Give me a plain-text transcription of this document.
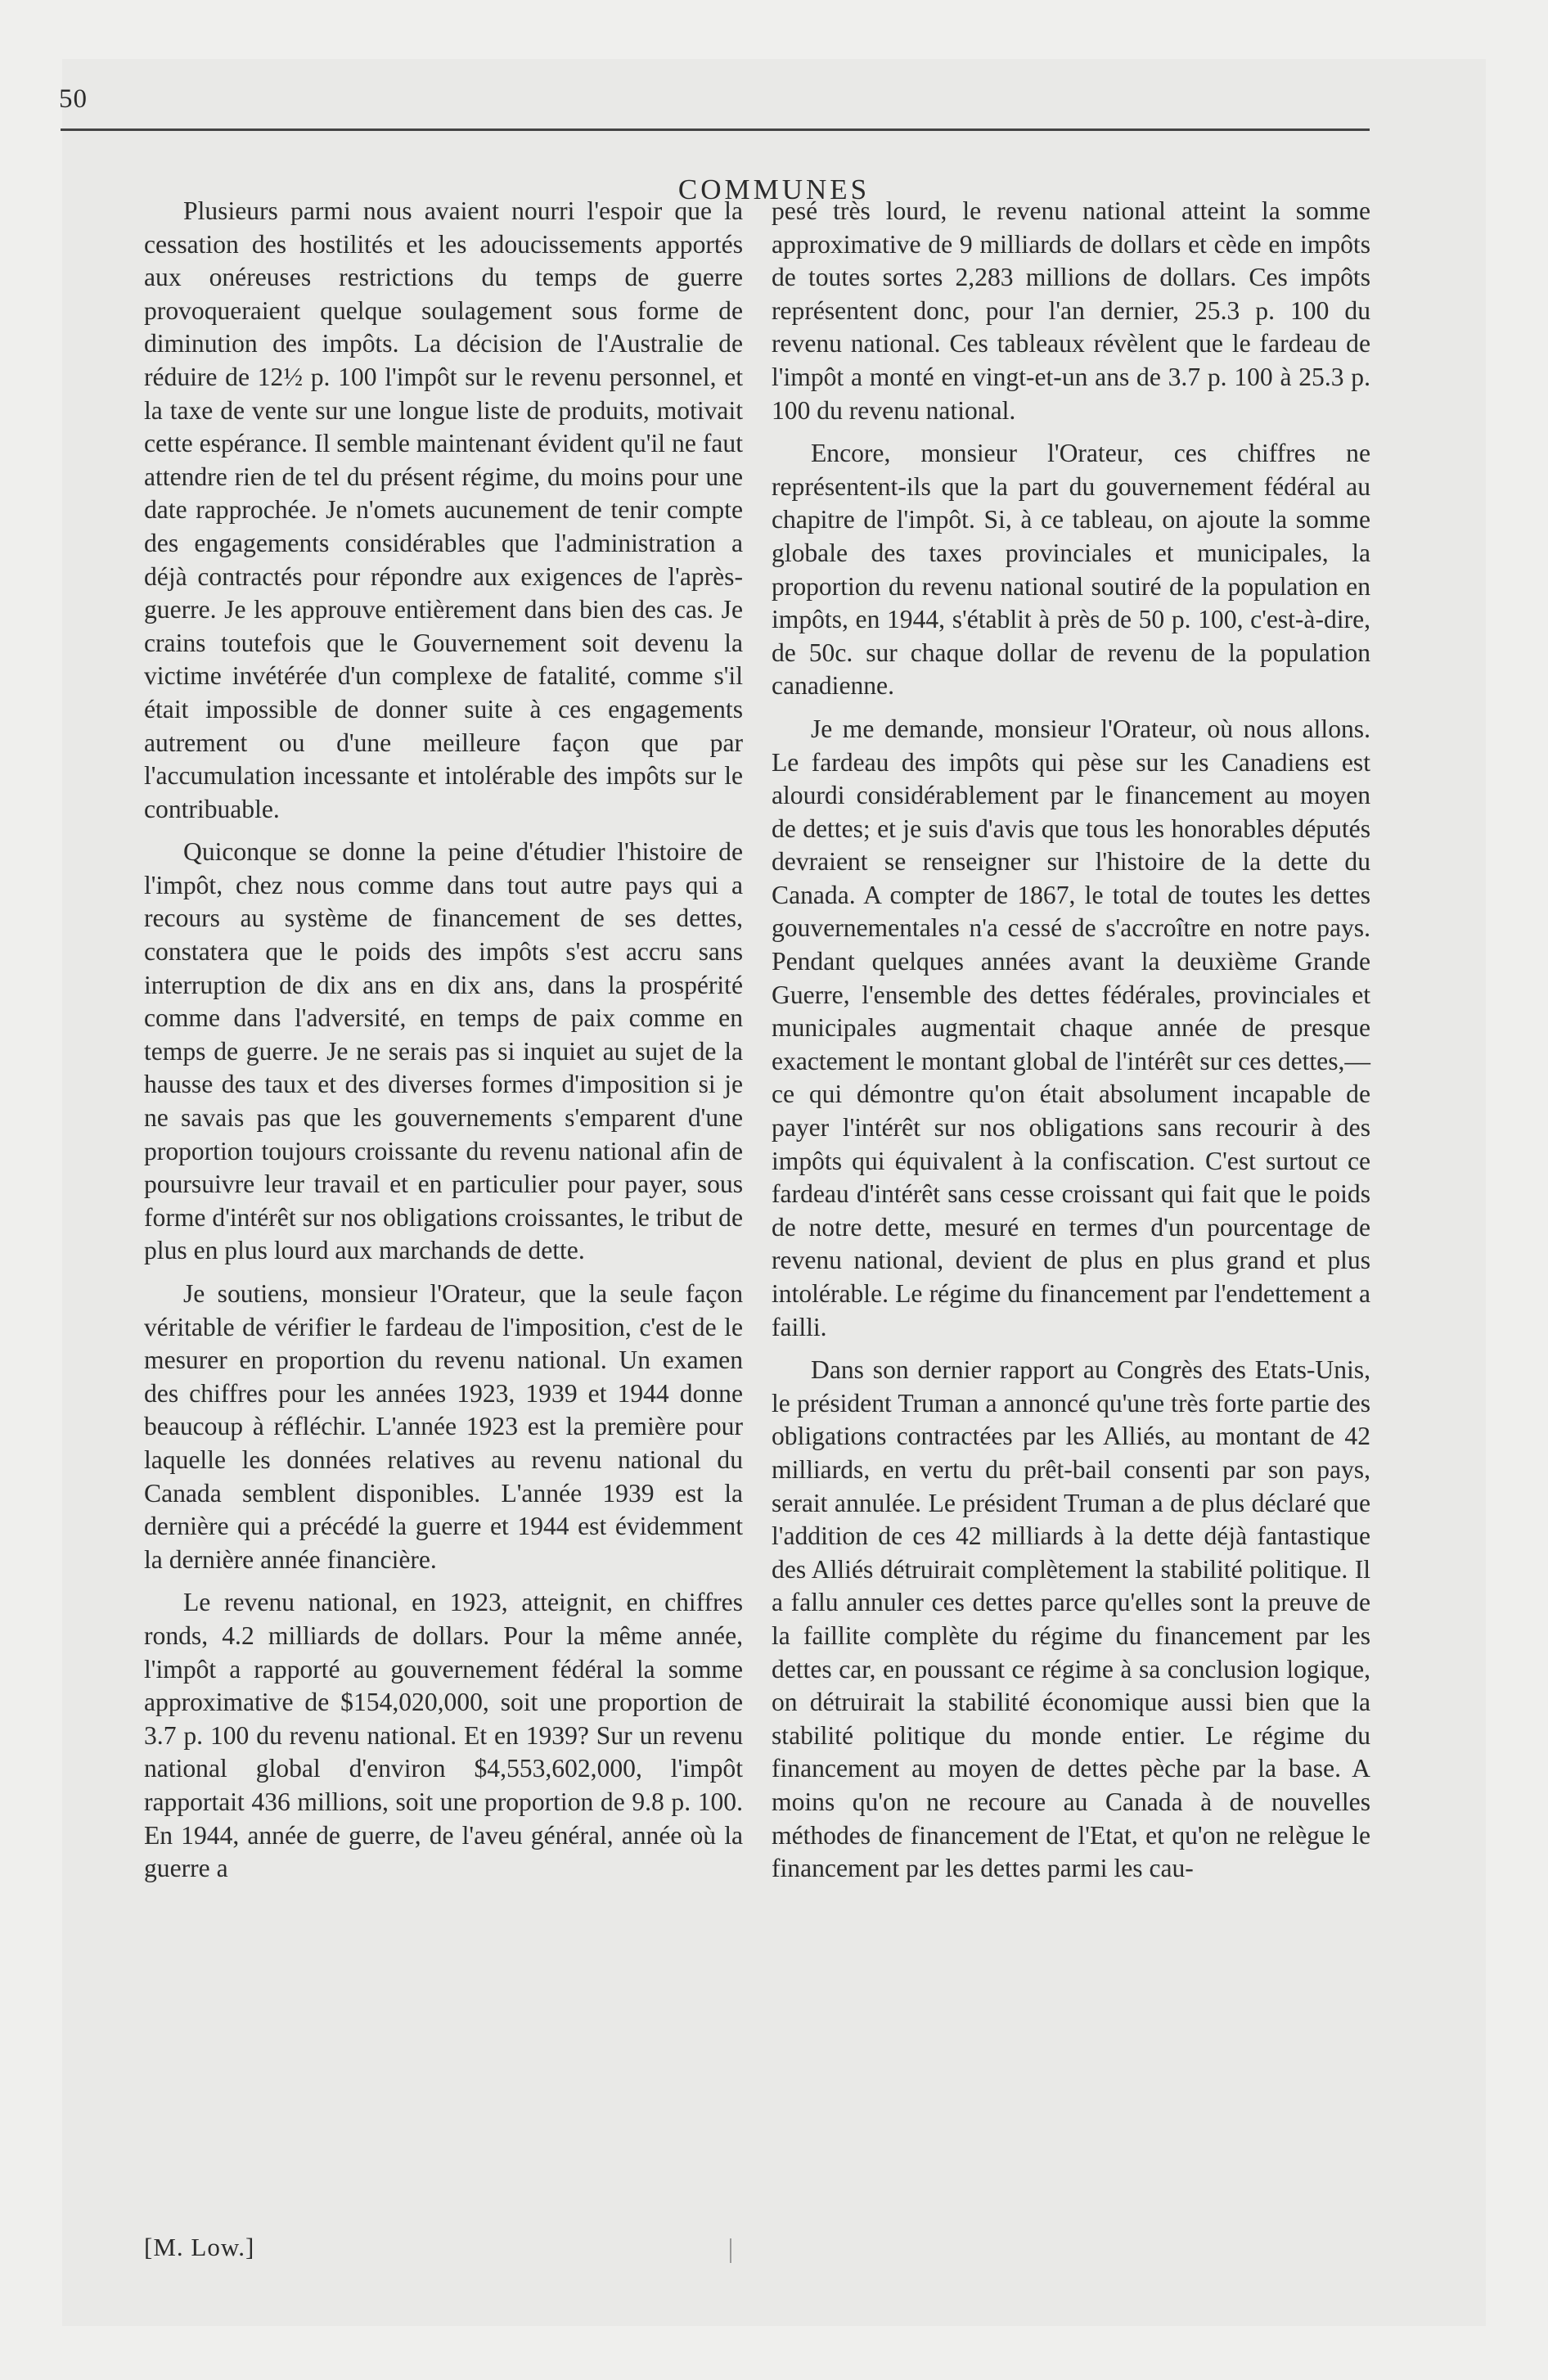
50
COMMUNES

Plusieurs parmi nous avaient nourri l'espoir que la cessation des hostilités et les adoucissements apportés aux onéreuses restrictions du temps de guerre provoqueraient quelque soulagement sous forme de diminution des impôts. La décision de l'Australie de réduire de 12½ p. 100 l'impôt sur le revenu personnel, et la taxe de vente sur une longue liste de produits, motivait cette espérance. Il semble maintenant évident qu'il ne faut attendre rien de tel du présent régime, du moins pour une date rapprochée. Je n'omets aucunement de tenir compte des engagements considérables que l'administration a déjà contractés pour répondre aux exigences de l'après-guerre. Je les approuve entièrement dans bien des cas. Je crains toutefois que le Gouvernement soit devenu la victime invétérée d'un complexe de fatalité, comme s'il était impossible de donner suite à ces engagements autrement ou d'une meilleure façon que par l'accumulation incessante et intolérable des impôts sur le contribuable.

Quiconque se donne la peine d'étudier l'histoire de l'impôt, chez nous comme dans tout autre pays qui a recours au système de financement de ses dettes, constatera que le poids des impôts s'est accru sans interruption de dix ans en dix ans, dans la prospérité comme dans l'adversité, en temps de paix comme en temps de guerre. Je ne serais pas si inquiet au sujet de la hausse des taux et des diverses formes d'imposition si je ne savais pas que les gouvernements s'emparent d'une proportion toujours croissante du revenu national afin de poursuivre leur travail et en particulier pour payer, sous forme d'intérêt sur nos obligations croissantes, le tribut de plus en plus lourd aux marchands de dette.

Je soutiens, monsieur l'Orateur, que la seule façon véritable de vérifier le fardeau de l'imposition, c'est de le mesurer en proportion du revenu national. Un examen des chiffres pour les années 1923, 1939 et 1944 donne beaucoup à réfléchir. L'année 1923 est la première pour laquelle les données relatives au revenu national du Canada semblent disponibles. L'année 1939 est la dernière qui a précédé la guerre et 1944 est évidemment la dernière année financière.

Le revenu national, en 1923, atteignit, en chiffres ronds, 4.2 milliards de dollars. Pour la même année, l'impôt a rapporté au gouvernement fédéral la somme approximative de $154,020,000, soit une proportion de 3.7 p. 100 du revenu national. Et en 1939? Sur un revenu national global d'environ $4,553,602,000, l'impôt rapportait 436 millions, soit une proportion de 9.8 p. 100. En 1944, année de guerre, de l'aveu général, année où la guerre a

pesé très lourd, le revenu national atteint la somme approximative de 9 milliards de dollars et cède en impôts de toutes sortes 2,283 millions de dollars. Ces impôts représentent donc, pour l'an dernier, 25.3 p. 100 du revenu national. Ces tableaux révèlent que le fardeau de l'impôt a monté en vingt-et-un ans de 3.7 p. 100 à 25.3 p. 100 du revenu national.

Encore, monsieur l'Orateur, ces chiffres ne représentent-ils que la part du gouvernement fédéral au chapitre de l'impôt. Si, à ce tableau, on ajoute la somme globale des taxes provinciales et municipales, la proportion du revenu national soutiré de la population en impôts, en 1944, s'établit à près de 50 p. 100, c'est-à-dire, de 50c. sur chaque dollar de revenu de la population canadienne.

Je me demande, monsieur l'Orateur, où nous allons. Le fardeau des impôts qui pèse sur les Canadiens est alourdi considérablement par le financement au moyen de dettes; et je suis d'avis que tous les honorables députés devraient se renseigner sur l'histoire de la dette du Canada. A compter de 1867, le total de toutes les dettes gouvernementales n'a cessé de s'accroître en notre pays. Pendant quelques années avant la deuxième Grande Guerre, l'ensemble des dettes fédérales, provinciales et municipales augmentait chaque année de presque exactement le montant global de l'intérêt sur ces dettes,—ce qui démontre qu'on était absolument incapable de payer l'intérêt sur nos obligations sans recourir à des impôts qui équivalent à la confiscation. C'est surtout ce fardeau d'intérêt sans cesse croissant qui fait que le poids de notre dette, mesuré en termes d'un pourcentage de revenu national, devient de plus en plus grand et plus intolérable. Le régime du financement par l'endettement a failli.

Dans son dernier rapport au Congrès des Etats-Unis, le président Truman a annoncé qu'une très forte partie des obligations contractées par les Alliés, au montant de 42 milliards, en vertu du prêt-bail consenti par son pays, serait annulée. Le président Truman a de plus déclaré que l'addition de ces 42 milliards à la dette déjà fantastique des Alliés détruirait complètement la stabilité politique. Il a fallu annuler ces dettes parce qu'elles sont la preuve de la faillite complète du régime du financement par les dettes car, en poussant ce régime à sa conclusion logique, on détruirait la stabilité économique aussi bien que la stabilité politique du monde entier. Le régime du financement au moyen de dettes pèche par la base. A moins qu'on ne recoure au Canada à de nouvelles méthodes de financement de l'Etat, et qu'on ne relègue le financement par les dettes parmi les cau-

[M. Low.]
